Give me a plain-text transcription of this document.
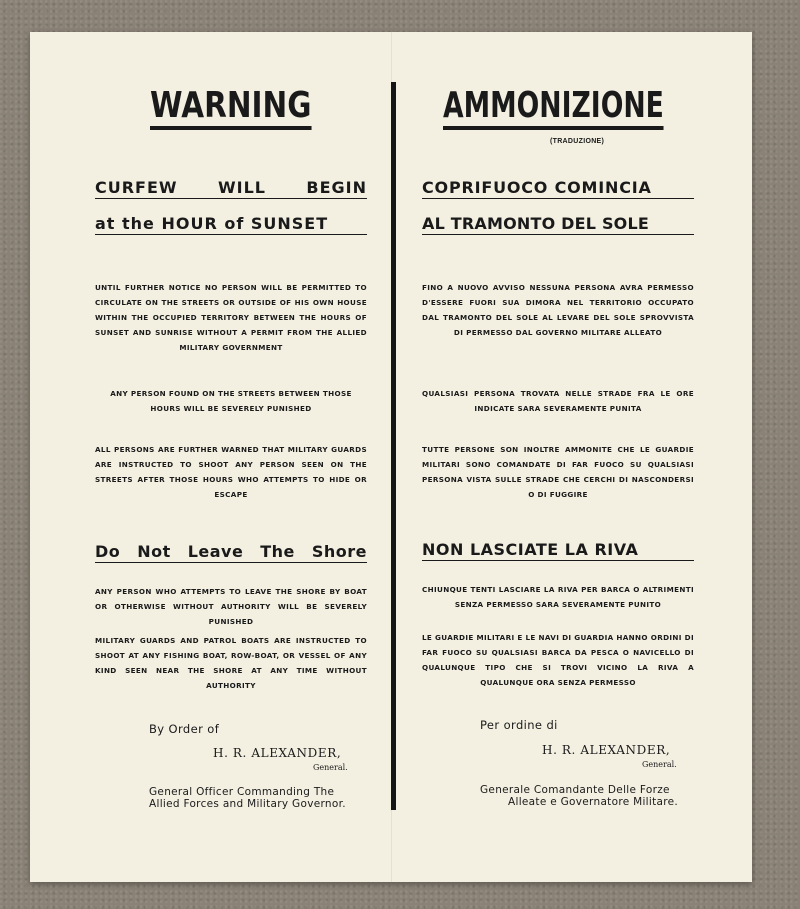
WARNING
CURFEW WILL BEGIN
at the HOUR of SUNSET
UNTIL FURTHER NOTICE NO PERSON WILL BE PERMITTED TO CIRCULATE ON THE STREETS OR OUTSIDE OF HIS OWN HOUSE WITHIN THE OCCUPIED TERRITORY BETWEEN THE HOURS OF SUNSET AND SUNRISE WITHOUT A PERMIT FROM THE ALLIED MILITARY GOVERNMENT
ANY PERSON FOUND ON THE STREETS BETWEEN THOSE HOURS WILL BE SEVERELY PUNISHED
ALL PERSONS ARE FURTHER WARNED THAT MILITARY GUARDS ARE INSTRUCTED TO SHOOT ANY PERSON SEEN ON THE STREETS AFTER THOSE HOURS WHO ATTEMPTS TO HIDE OR ESCAPE
Do Not Leave The Shore
ANY PERSON WHO ATTEMPTS TO LEAVE THE SHORE BY BOAT OR OTHERWISE WITHOUT AUTHORITY WILL BE SEVERELY PUNISHED
MILITARY GUARDS AND PATROL BOATS ARE INSTRUCTED TO SHOOT AT ANY FISHING BOAT, ROW-BOAT, OR VESSEL OF ANY KIND SEEN NEAR THE SHORE AT ANY TIME WITHOUT AUTHORITY
By Order of
H. R. ALEXANDER,
General.
General Officer Commanding The
Allied Forces and Military Governor.
AMMONIZIONE
(TRADUZIONE)
COPRIFUOCO COMINCIA
AL TRAMONTO DEL SOLE
FINO A NUOVO AVVISO NESSUNA PERSONA AVRA PERMESSO D'ESSERE FUORI SUA DIMORA NEL TERRITORIO OCCUPATO DAL TRAMONTO DEL SOLE AL LEVARE DEL SOLE SPROVVISTA DI PERMESSO DAL GOVERNO MILITARE ALLEATO
QUALSIASI PERSONA TROVATA NELLE STRADE FRA LE ORE INDICATE SARA SEVERAMENTE PUNITA
TUTTE PERSONE SON INOLTRE AMMONITE CHE LE GUARDIE MILITARI SONO COMANDATE DI FAR FUOCO SU QUALSIASI PERSONA VISTA SULLE STRADE CHE CERCHI DI NASCONDERSI O DI FUGGIRE
NON LASCIATE LA RIVA
CHIUNQUE TENTI LASCIARE LA RIVA PER BARCA O ALTRIMENTI SENZA PERMESSO SARA SEVERAMENTE PUNITO
LE GUARDIE MILITARI E LE NAVI DI GUARDIA HANNO ORDINI DI FAR FUOCO SU QUALSIASI BARCA DA PESCA O NAVICELLO DI QUALUNQUE TIPO CHE SI TROVI VICINO LA RIVA A QUALUNQUE ORA SENZA PERMESSO
Per ordine di
H. R. ALEXANDER,
General.
Generale Comandante Delle Forze
Alleate e Governatore Militare.
